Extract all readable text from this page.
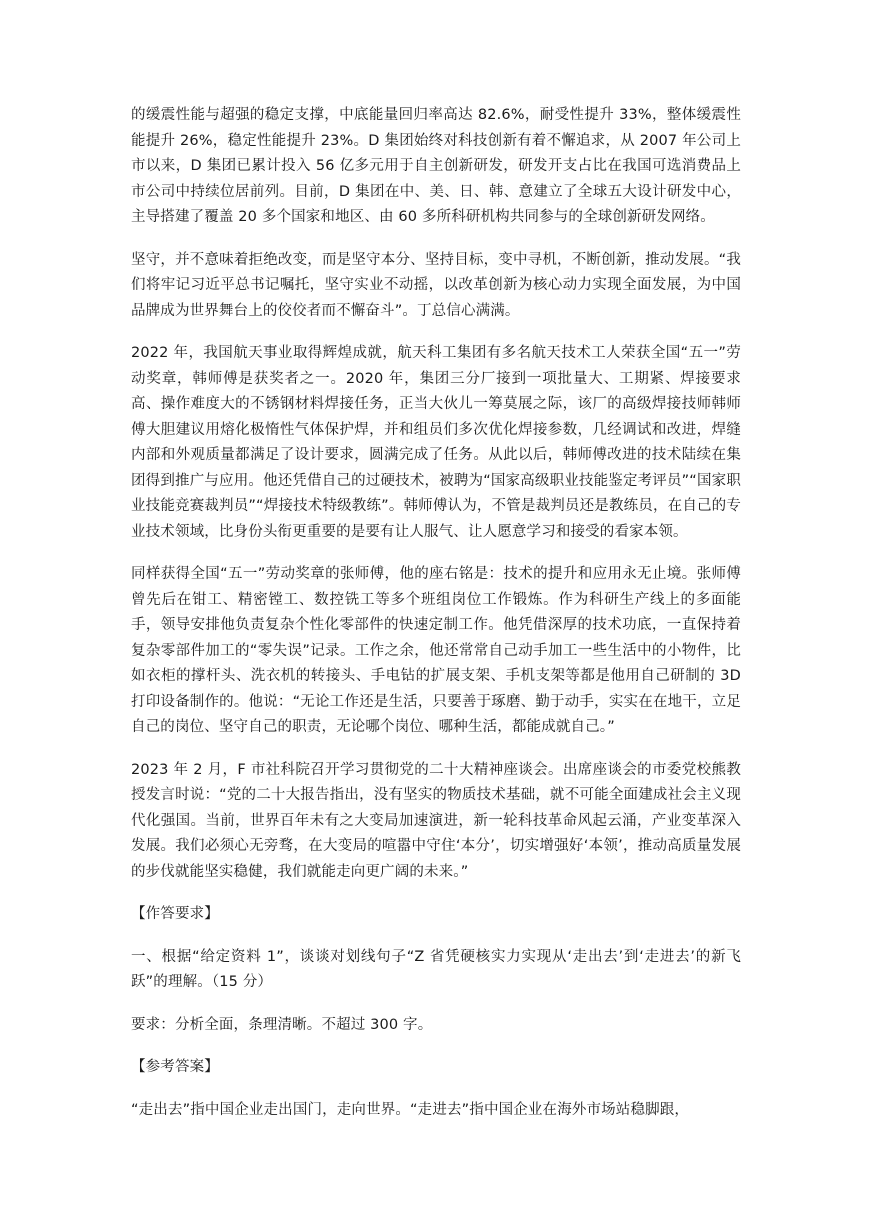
的缓震性能与超强的稳定支撑，中底能量回归率高达 82.6%，耐受性提升 33%，整体缓震性能提升 26%，稳定性能提升 23%。D 集团始终对科技创新有着不懈追求，从 2007 年公司上市以来，D 集团已累计投入 56 亿多元用于自主创新研发，研发开支占比在我国可选消费品上市公司中持续位居前列。目前，D 集团在中、美、日、韩、意建立了全球五大设计研发中心，主导搭建了覆盖 20 多个国家和地区、由 60 多所科研机构共同参与的全球创新研发网络。

坚守，并不意味着拒绝改变，而是坚守本分、坚持目标，变中寻机，不断创新，推动发展。“我们将牢记习近平总书记嘱托，坚守实业不动摇，以改革创新为核心动力实现全面发展，为中国品牌成为世界舞台上的佼佼者而不懈奋斗”。丁总信心满满。

2022 年，我国航天事业取得辉煌成就，航天科工集团有多名航天技术工人荣获全国“五一”劳动奖章，韩师傅是获奖者之一。2020 年，集团三分厂接到一项批量大、工期紧、焊接要求高、操作难度大的不锈钢材料焊接任务，正当大伙儿一筹莫展之际，该厂的高级焊接技师韩师傅大胆建议用熔化极惰性气体保护焊，并和组员们多次优化焊接参数，几经调试和改进，焊缝内部和外观质量都满足了设计要求，圆满完成了任务。从此以后，韩师傅改进的技术陆续在集团得到推广与应用。他还凭借自己的过硬技术，被聘为“国家高级职业技能鉴定考评员”“国家职业技能竞赛裁判员”“焊接技术特级教练”。韩师傅认为，不管是裁判员还是教练员，在自己的专业技术领域，比身份头衔更重要的是要有让人服气、让人愿意学习和接受的看家本领。

同样获得全国“五一”劳动奖章的张师傅，他的座右铭是：技术的提升和应用永无止境。张师傅曾先后在钳工、精密镗工、数控铣工等多个班组岗位工作锻炼。作为科研生产线上的多面能手，领导安排他负责复杂个性化零部件的快速定制工作。他凭借深厚的技术功底，一直保持着复杂零部件加工的“零失误”记录。工作之余，他还常常自己动手加工一些生活中的小物件，比如衣柜的撑杆头、洗衣机的转接头、手电钻的扩展支架、手机支架等都是他用自己研制的 3D 打印设备制作的。他说：“无论工作还是生活，只要善于琢磨、勤于动手，实实在在地干，立足自己的岗位、坚守自己的职责，无论哪个岗位、哪种生活，都能成就自己。”

2023 年 2 月，F 市社科院召开学习贯彻党的二十大精神座谈会。出席座谈会的市委党校熊教授发言时说：“党的二十大报告指出，没有坚实的物质技术基础，就不可能全面建成社会主义现代化强国。当前，世界百年未有之大变局加速演进，新一轮科技革命风起云涌，产业变革深入发展。我们必须心无旁骛，在大变局的喧嚣中守住‘本分’，切实增强好‘本领’，推动高质量发展的步伐就能坚实稳健，我们就能走向更广阔的未来。”

【作答要求】

一、根据“给定资料 1”，谈谈对划线句子“Z 省凭硬核实力实现从‘走出去’到‘走进去’的新飞跃”的理解。（15 分）

要求：分析全面，条理清晰。不超过 300 字。

【参考答案】

“走出去”指中国企业走出国门，走向世界。“走进去”指中国企业在海外市场站稳脚跟，
